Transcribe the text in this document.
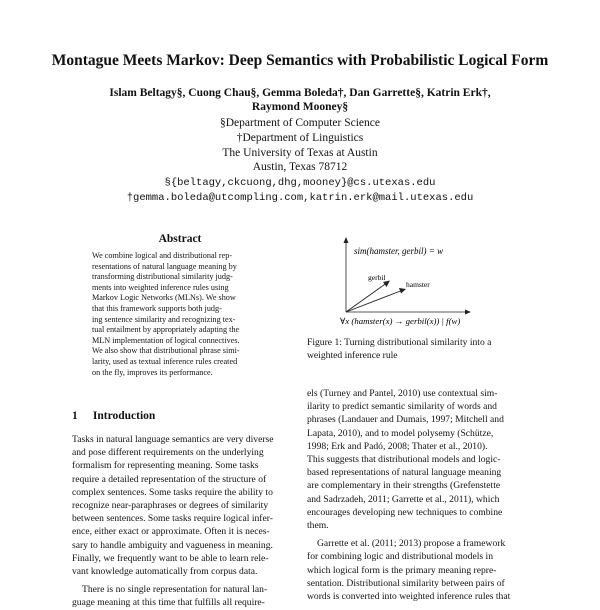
Montague Meets Markov: Deep Semantics with Probabilistic Logical Form
Islam Beltagy§, Cuong Chau§, Gemma Boleda†, Dan Garrette§, Katrin Erk†,
Raymond Mooney§
§Department of Computer Science
†Department of Linguistics
The University of Texas at Austin
Austin, Texas 78712
§{beltagy,ckcuong,dhg,mooney}@cs.utexas.edu
†gemma.boleda@utcompling.com,katrin.erk@mail.utexas.edu
Abstract
We combine logical and distributional rep-
resentations of natural language meaning by
transforming distributional similarity judg-
ments into weighted inference rules using
Markov Logic Networks (MLNs). We show
that this framework supports both judg-
ing sentence similarity and recognizing tex-
tual entailment by appropriately adapting the
MLN implementation of logical connectives.
We also show that distributional phrase simi-
larity, used as textual inference rules created
on the fly, improves its performance.
sim(hamster, gerbil) = w
gerbil
hamster
∀x (hamster(x) → gerbil(x)) | f(w)
Figure 1: Turning distributional similarity into a
weighted inference rule
1 Introduction
Tasks in natural language semantics are very diverse
and pose different requirements on the underlying
formalism for representing meaning. Some tasks
require a detailed representation of the structure of
complex sentences. Some tasks require the ability to
recognize near-paraphrases or degrees of similarity
between sentences. Some tasks require logical infer-
ence, either exact or approximate. Often it is neces-
sary to handle ambiguity and vagueness in meaning.
Finally, we frequently want to be able to learn rele-
vant knowledge automatically from corpus data.
There is no single representation for natural lan-
guage meaning at this time that fulfills all require-
els (Turney and Pantel, 2010) use contextual sim-
ilarity to predict semantic similarity of words and
phrases (Landauer and Dumais, 1997; Mitchell and
Lapata, 2010), and to model polysemy (Schütze,
1998; Erk and Padó, 2008; Thater et al., 2010).
This suggests that distributional models and logic-
based representations of natural language meaning
are complementary in their strengths (Grefenstette
and Sadrzadeh, 2011; Garrette et al., 2011), which
encourages developing new techniques to combine
them.
Garrette et al. (2011; 2013) propose a framework
for combining logic and distributional models in
which logical form is the primary meaning repre-
sentation. Distributional similarity between pairs of
words is converted into weighted inference rules that
